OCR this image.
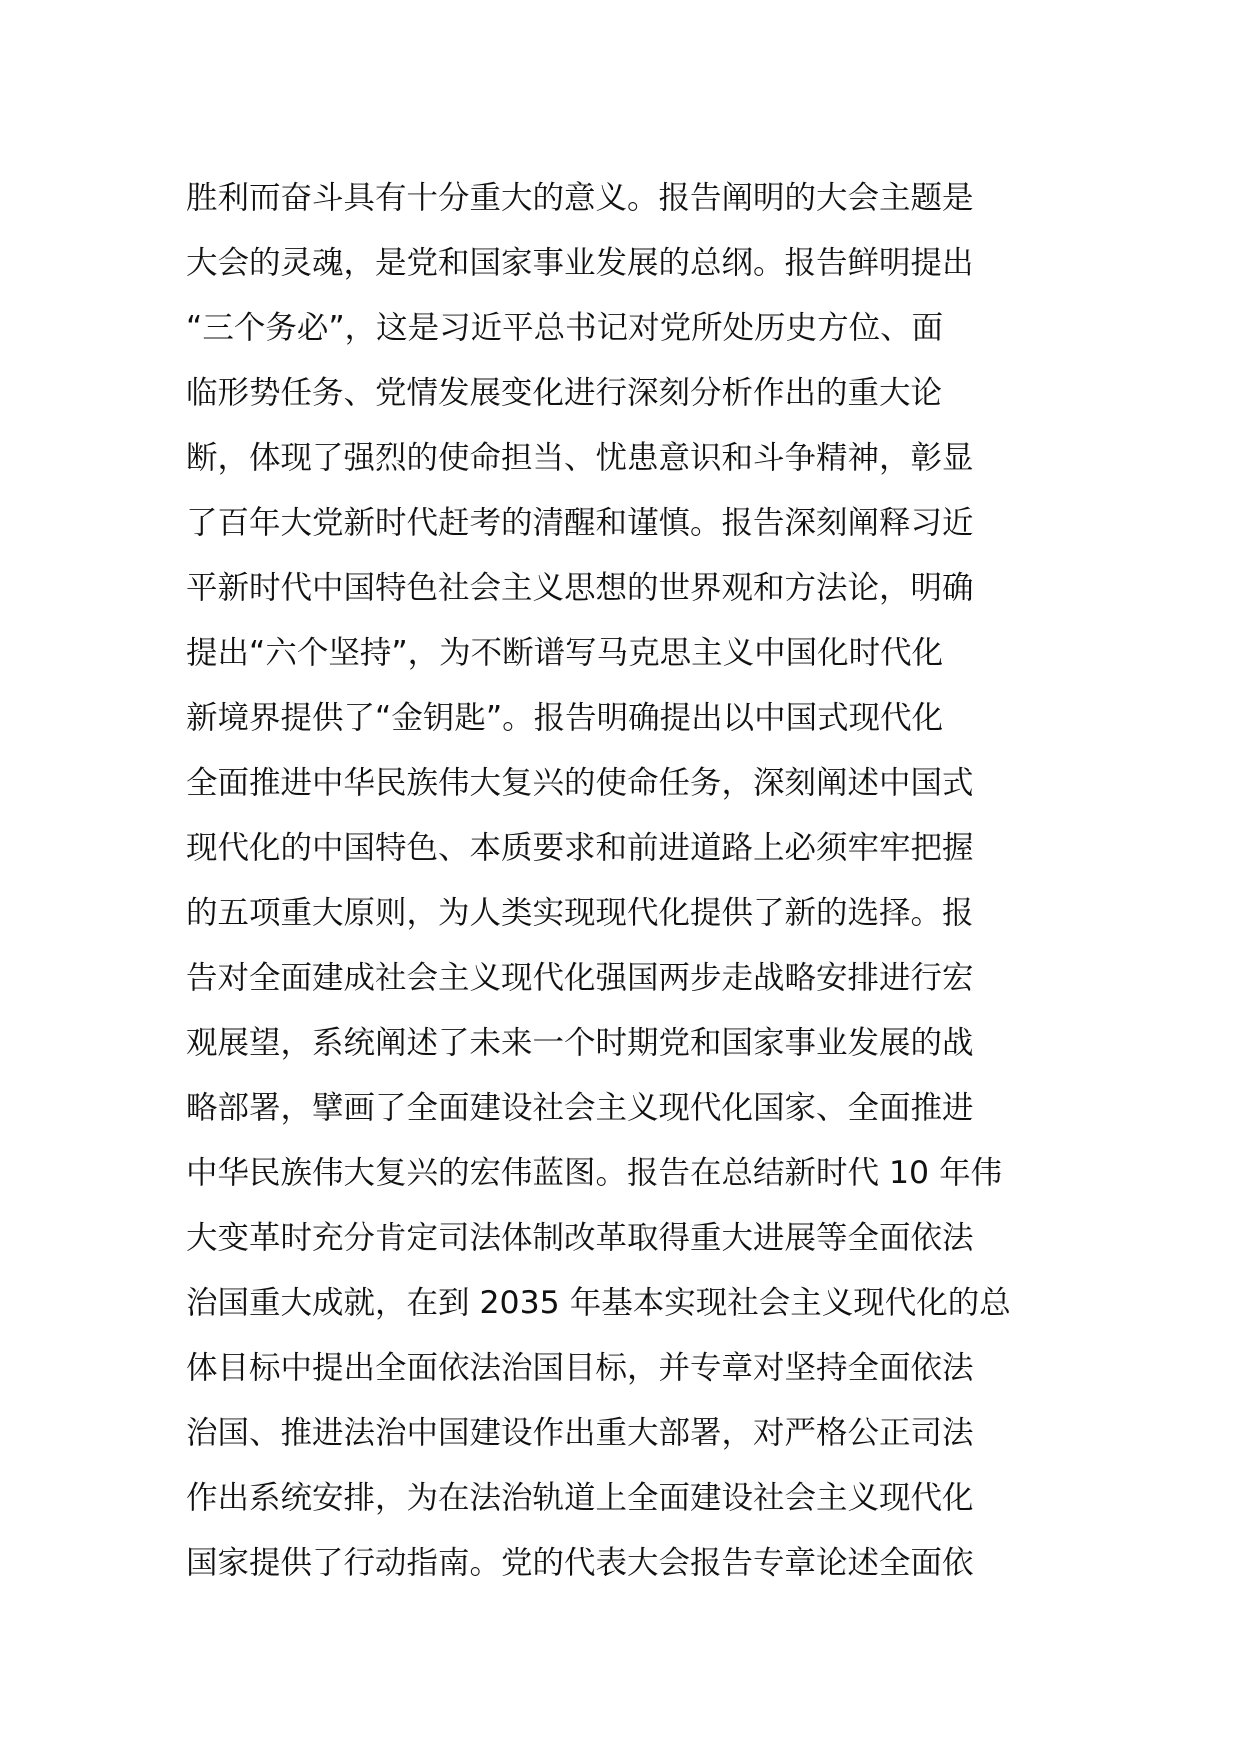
胜利而奋斗具有十分重大的意义。报告阐明的大会主题是
大会的灵魂，是党和国家事业发展的总纲。报告鲜明提出
“三个务必”，这是习近平总书记对党所处历史方位、面
临形势任务、党情发展变化进行深刻分析作出的重大论
断，体现了强烈的使命担当、忧患意识和斗争精神，彰显
了百年大党新时代赶考的清醒和谨慎。报告深刻阐释习近
平新时代中国特色社会主义思想的世界观和方法论，明确
提出“六个坚持”，为不断谱写马克思主义中国化时代化
新境界提供了“金钥匙”。报告明确提出以中国式现代化
全面推进中华民族伟大复兴的使命任务，深刻阐述中国式
现代化的中国特色、本质要求和前进道路上必须牢牢把握
的五项重大原则，为人类实现现代化提供了新的选择。报
告对全面建成社会主义现代化强国两步走战略安排进行宏
观展望，系统阐述了未来一个时期党和国家事业发展的战
略部署，擘画了全面建设社会主义现代化国家、全面推进
中华民族伟大复兴的宏伟蓝图。报告在总结新时代 10 年伟
大变革时充分肯定司法体制改革取得重大进展等全面依法
治国重大成就，在到 2035 年基本实现社会主义现代化的总
体目标中提出全面依法治国目标，并专章对坚持全面依法
治国、推进法治中国建设作出重大部署，对严格公正司法
作出系统安排，为在法治轨道上全面建设社会主义现代化
国家提供了行动指南。党的代表大会报告专章论述全面依
